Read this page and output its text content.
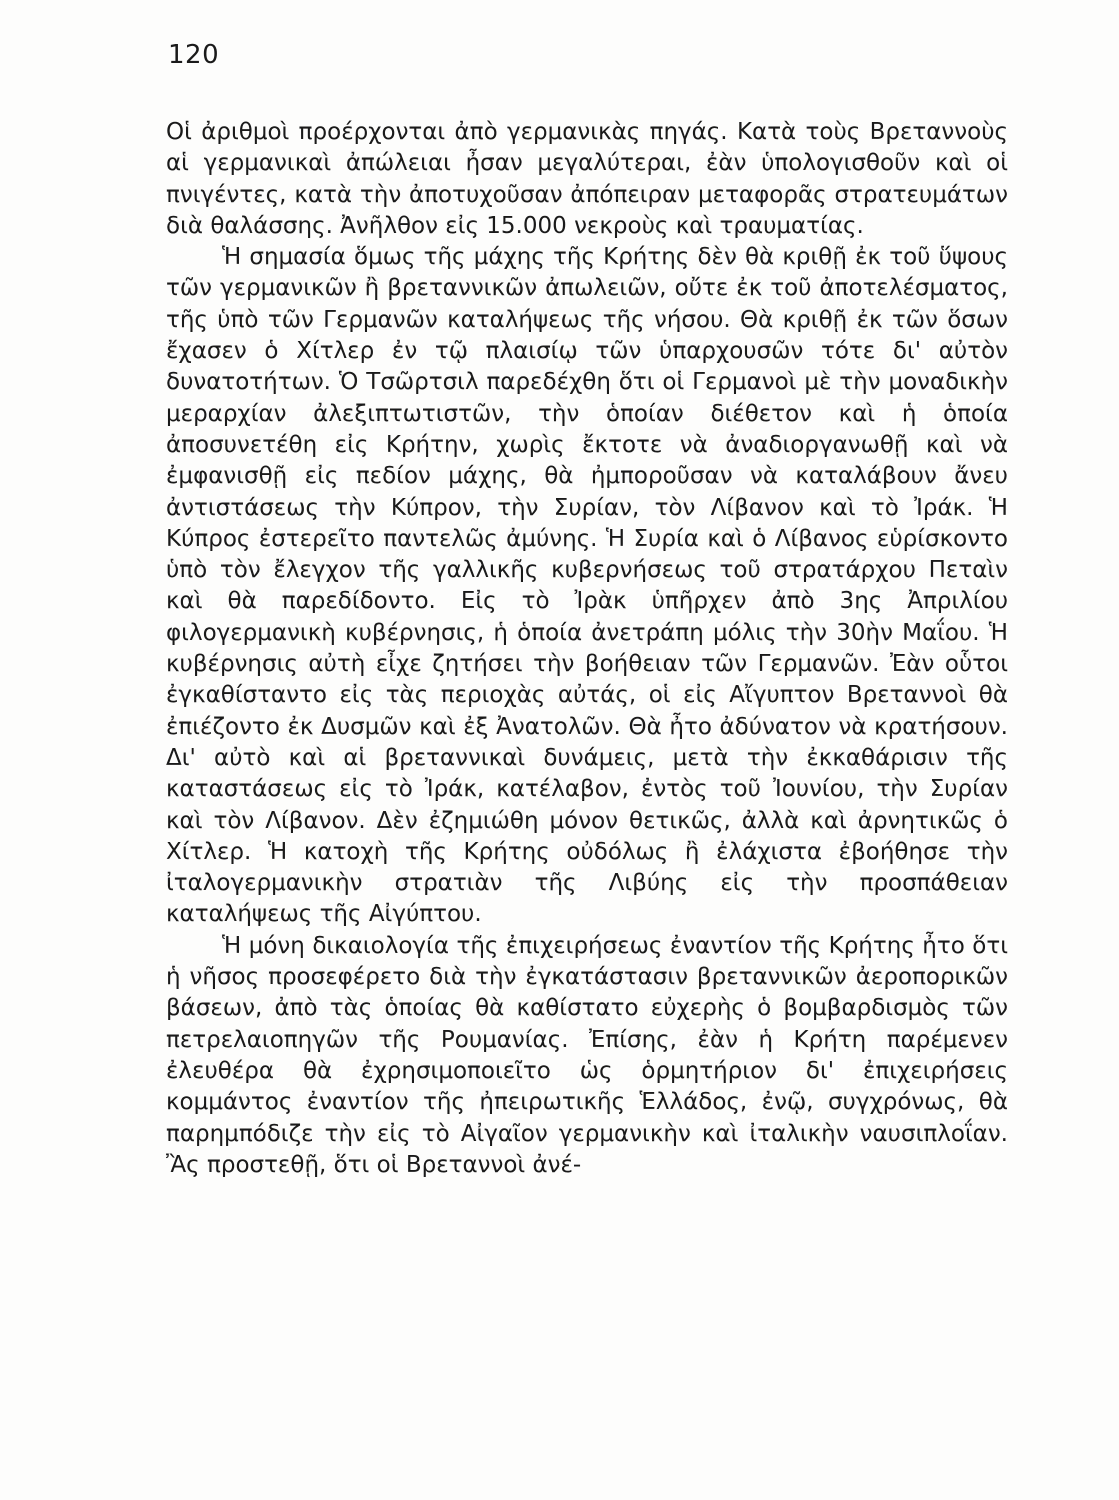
120

Οἱ ἀριθμοὶ προέρχονται ἀπὸ γερμανικὰς πηγάς. Κατὰ τοὺς Βρεταννοὺς αἱ γερμανικαὶ ἀπώλειαι ἦσαν μεγαλύτεραι, ἐὰν ὑπολογισθοῦν καὶ οἱ πνιγέντες, κατὰ τὴν ἀποτυχοῦσαν ἀπόπειραν μεταφορᾶς στρατευμάτων διὰ θαλάσσης. Ἀνῆλθον εἰς 15.000 νεκροὺς καὶ τραυματίας.

Ἡ σημασία ὅμως τῆς μάχης τῆς Κρήτης δὲν θὰ κριθῇ ἐκ τοῦ ὕψους τῶν γερμανικῶν ἢ βρεταννικῶν ἀπωλειῶν, οὔτε ἐκ τοῦ ἀποτελέσματος, τῆς ὑπὸ τῶν Γερμανῶν καταλήψεως τῆς νήσου. Θὰ κριθῇ ἐκ τῶν ὅσων ἔχασεν ὁ Χίτλερ ἐν τῷ πλαισίῳ τῶν ὑπαρχουσῶν τότε δι' αὐτὸν δυνατοτήτων. Ὁ Τσῶρτσιλ παρεδέχθη ὅτι οἱ Γερμανοὶ μὲ τὴν μοναδικὴν μεραρχίαν ἀλεξιπτωτιστῶν, τὴν ὁποίαν διέθετον καὶ ἡ ὁποία ἀποσυνετέθη εἰς Κρήτην, χωρὶς ἔκτοτε νὰ ἀναδιοργανωθῇ καὶ νὰ ἐμφανισθῇ εἰς πεδίον μάχης, θὰ ἠμποροῦσαν νὰ καταλάβουν ἄνευ ἀντιστάσεως τὴν Κύπρον, τὴν Συρίαν, τὸν Λίβανον καὶ τὸ Ἰράκ. Ἡ Κύπρος ἐστερεῖτο παντελῶς ἀμύνης. Ἡ Συρία καὶ ὁ Λίβανος εὑρίσκοντο ὑπὸ τὸν ἔλεγχον τῆς γαλλικῆς κυβερνήσεως τοῦ στρατάρχου Πεταὶν καὶ θὰ παρεδίδοντο. Εἰς τὸ Ἰρὰκ ὑπῆρχεν ἀπὸ 3ης Ἀπριλίου φιλογερμανικὴ κυβέρνησις, ἡ ὁποία ἀνετράπη μόλις τὴν 30ὴν Μαΐου. Ἡ κυβέρνησις αὐτὴ εἶχε ζητήσει τὴν βοήθειαν τῶν Γερμανῶν. Ἐὰν οὗτοι ἐγκαθίσταντο εἰς τὰς περιοχὰς αὐτάς, οἱ εἰς Αἴγυπτον Βρεταννοὶ θὰ ἐπιέζοντο ἐκ Δυσμῶν καὶ ἐξ Ἀνατολῶν. Θὰ ἦτο ἀδύνατον νὰ κρατήσουν. Δι' αὐτὸ καὶ αἱ βρεταννικαὶ δυνάμεις, μετὰ τὴν ἐκκαθάρισιν τῆς καταστάσεως εἰς τὸ Ἰράκ, κατέλαβον, ἐντὸς τοῦ Ἰουνίου, τὴν Συρίαν καὶ τὸν Λίβανον. Δὲν ἐζημιώθη μόνον θετικῶς, ἀλλὰ καὶ ἀρνητικῶς ὁ Χίτλερ. Ἡ κατοχὴ τῆς Κρήτης οὐδόλως ἢ ἐλάχιστα ἐβοήθησε τὴν ἰταλογερμανικὴν στρατιὰν τῆς Λιβύης εἰς τὴν προσπάθειαν καταλήψεως τῆς Αἰγύπτου.

Ἡ μόνη δικαιολογία τῆς ἐπιχειρήσεως ἐναντίον τῆς Κρήτης ἦτο ὅτι ἡ νῆσος προσεφέρετο διὰ τὴν ἐγκατάστασιν βρεταννικῶν ἀεροπορικῶν βάσεων, ἀπὸ τὰς ὁποίας θὰ καθίστατο εὐχερὴς ὁ βομβαρδισμὸς τῶν πετρελαιοπηγῶν τῆς Ρουμανίας. Ἐπίσης, ἐὰν ἡ Κρήτη παρέμενεν ἐλευθέρα θὰ ἐχρησιμοποιεῖτο ὡς ὁρμητήριον δι' ἐπιχειρήσεις κομμάντος ἐναντίον τῆς ἠπειρωτικῆς Ἑλλάδος, ἐνῷ, συγχρόνως, θὰ παρημπόδιζε τὴν εἰς τὸ Αἰγαῖον γερμανικὴν καὶ ἰταλικὴν ναυσιπλοΐαν. Ἂς προστεθῇ, ὅτι οἱ Βρεταννοὶ ἀνέ-
